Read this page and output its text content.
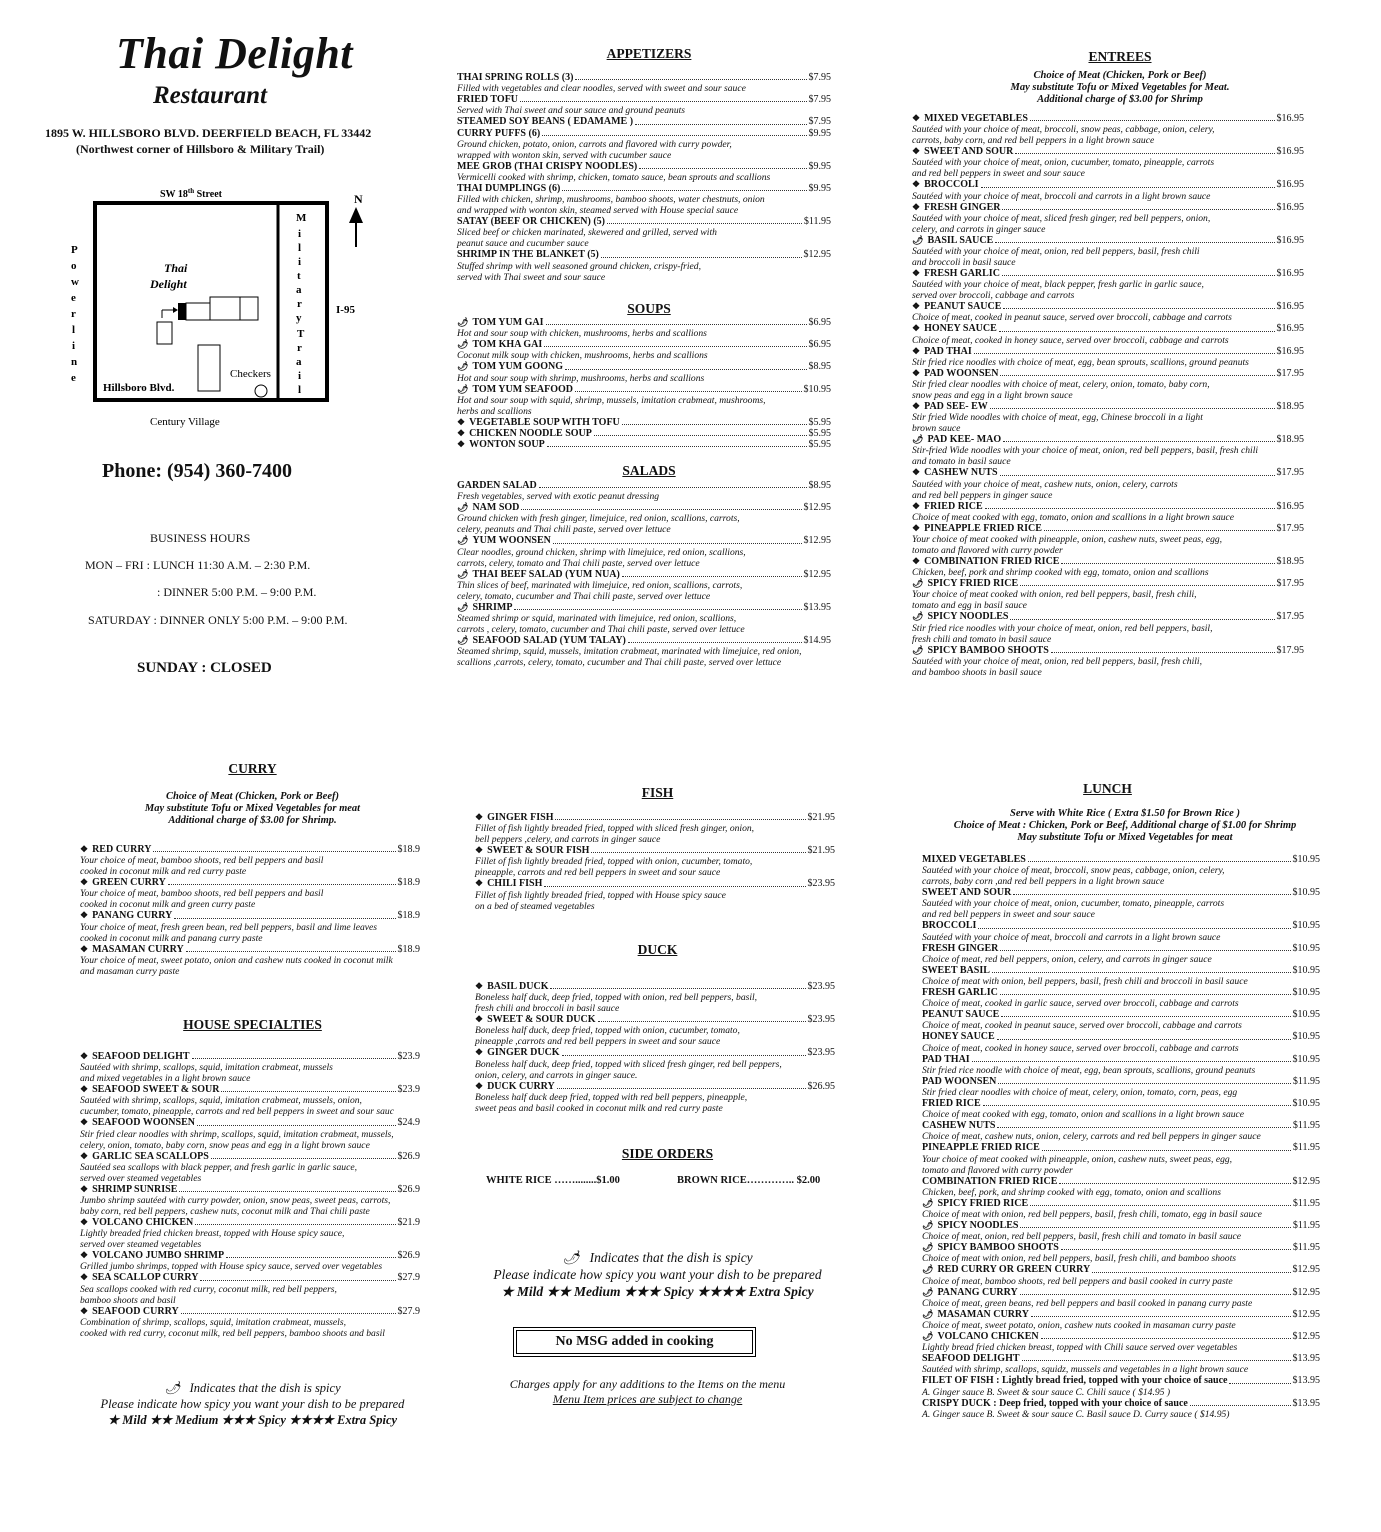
Thai Delight
Restaurant
1895 W. HILLSBORO BLVD. DEERFIELD BEACH, FL 33442
(Northwest corner of Hillsboro & Military Trail)
SW 18th Street	N
I-95
P
o
w
e
r
l
i
n
e
M
i
l
i
t
a
r
y
T
r
a
i
l
Thai
Delight
Checkers
Hillsboro Blvd.
Century Village
Phone: (954) 360-7400
BUSINESS HOURS
MON – FRI : LUNCH 11:30 A.M. – 2:30 P.M.
: DINNER 5:00 P.M. – 9:00 P.M.
SATURDAY : DINNER ONLY 5:00 P.M. – 9:00 P.M.
SUNDAY : CLOSED
APPETIZERS
THAI SPRING ROLLS (3)	$7.95
Filled with vegetables and clear noodles, served with sweet and sour sauce
FRIED TOFU	$7.95
Served with Thai sweet and sour sauce and ground peanuts
STEAMED SOY BEANS ( EDAMAME )	$7.95
CURRY PUFFS (6)	$9.95
Ground chicken, potato, onion, carrots and flavored with curry powder,
wrapped with wonton skin, served with cucumber sauce
MEE GROB (THAI CRISPY NOODLES)	$9.95
Vermicelli cooked with shrimp, chicken, tomato sauce, bean sprouts and scallions
THAI DUMPLINGS (6)	$9.95
Filled with chicken, shrimp, mushrooms, bamboo shoots, water chestnuts, onion
and wrapped with wonton skin, steamed served with House special sauce
SATAY (BEEF OR CHICKEN) (5)	$11.95
Sliced beef or chicken marinated, skewered and grilled, served with
peanut sauce and cucumber sauce
SHRIMP IN THE BLANKET (5)	$12.95
Stuffed shrimp with well seasoned ground chicken, crispy-fried,
served with Thai sweet and sour sauce
SOUPS
🌶 TOM YUM GAI	$6.95
Hot and sour soup with chicken, mushrooms, herbs and scallions
🌶 TOM KHA GAI	$6.95
Coconut milk soup with chicken, mushrooms, herbs and scallions
🌶 TOM YUM GOONG	$8.95
Hot and sour soup with shrimp, mushrooms, herbs and scallions
🌶 TOM YUM SEAFOOD	$10.95
Hot and sour soup with squid, shrimp, mussels, imitation crabmeat, mushrooms,
herbs and scallions
❖ VEGETABLE SOUP WITH TOFU	$5.95
❖ CHICKEN NOODLE SOUP	$5.95
❖ WONTON SOUP	$5.95
SALADS
GARDEN SALAD	$8.95
Fresh vegetables, served with exotic peanut dressing
🌶 NAM SOD	$12.95
Ground chicken with fresh ginger, limejuice, red onion, scallions, carrots,
celery, peanuts and Thai chili paste, served over lettuce
🌶 YUM WOONSEN	$12.95
Clear noodles, ground chicken, shrimp with limejuice, red onion, scallions,
carrots, celery, tomato and Thai chili paste, served over lettuce
🌶 THAI BEEF SALAD (YUM NUA)	$12.95
Thin slices of beef, marinated with limejuice, red onion, scallions, carrots,
celery, tomato, cucumber and Thai chili paste, served over lettuce
🌶 SHRIMP	$13.95
Steamed shrimp or squid, marinated with limejuice, red onion, scallions,
carrots , celery, tomato, cucumber and Thai chili paste, served over lettuce
🌶 SEAFOOD SALAD (YUM TALAY)	$14.95
Steamed shrimp, squid, mussels, imitation crabmeat, marinated with limejuice, red onion,
scallions ,carrots, celery, tomato, cucumber and Thai chili paste, served over lettuce
ENTREES
Choice of Meat (Chicken, Pork or Beef)
May substitute Tofu or Mixed Vegetables for Meat.
Additional charge of $3.00 for Shrimp
❖ MIXED VEGETABLES	$16.95
Sautéed with your choice of meat, broccoli, snow peas, cabbage, onion, celery,
carrots, baby corn, and red bell peppers in a light brown sauce
❖ SWEET AND SOUR	$16.95
Sautéed with your choice of meat, onion, cucumber, tomato, pineapple, carrots
and red bell peppers in sweet and sour sauce
❖ BROCCOLI	$16.95
Sautéed with your choice of meat, broccoli and carrots in a light brown sauce
❖ FRESH GINGER	$16.95
Sautéed with your choice of meat, sliced fresh ginger, red bell peppers, onion,
celery, and carrots in ginger sauce
🌶 BASIL SAUCE	$16.95
Sautéed with your choice of meat, onion, red bell peppers, basil, fresh chili
and broccoli in basil sauce
❖ FRESH GARLIC	$16.95
Sautéed with your choice of meat, black pepper, fresh garlic in garlic sauce,
served over broccoli, cabbage and carrots
❖ PEANUT SAUCE	$16.95
Choice of meat, cooked in peanut sauce, served over broccoli, cabbage and carrots
❖ HONEY SAUCE	$16.95
Choice of meat, cooked in honey sauce, served over broccoli, cabbage and carrots
❖ PAD THAI	$16.95
Stir fried rice noodles with choice of meat, egg, bean sprouts, scallions, ground peanuts
❖ PAD WOONSEN	$17.95
Stir fried clear noodles with choice of meat, celery, onion, tomato, baby corn,
snow peas and egg in a light brown sauce
❖ PAD SEE- EW	$18.95
Stir fried Wide noodles with choice of meat, egg, Chinese broccoli in a light
brown sauce
🌶 PAD KEE- MAO	$18.95
Stir-fried Wide noodles with your choice of meat, onion, red bell peppers, basil, fresh chili
and tomato in basil sauce
❖ CASHEW NUTS	$17.95
Sautéed with your choice of meat, cashew nuts, onion, celery, carrots
and red bell peppers in ginger sauce
❖ FRIED RICE	$16.95
Choice of meat cooked with egg, tomato, onion and scallions in a light brown sauce
❖ PINEAPPLE FRIED RICE	$17.95
Your choice of meat cooked with pineapple, onion, cashew nuts, sweet peas, egg,
tomato and flavored with curry powder
❖ COMBINATION FRIED RICE	$18.95
Chicken, beef, pork and shrimp cooked with egg, tomato, onion and scallions
🌶 SPICY FRIED RICE	$17.95
Your choice of meat cooked with onion, red bell peppers, basil, fresh chili,
tomato and egg in basil sauce
🌶 SPICY NOODLES	$17.95
Stir fried rice noodles with your choice of meat, onion, red bell peppers, basil,
fresh chili and tomato in basil sauce
🌶 SPICY BAMBOO SHOOTS	$17.95
Sautéed with your choice of meat, onion, red bell peppers, basil, fresh chili,
and bamboo shoots in basil sauce
CURRY
Choice of Meat (Chicken, Pork or Beef)
May substitute Tofu or Mixed Vegetables for meat
Additional charge of $3.00 for Shrimp.
❖ RED CURRY	$18.9
Your choice of meat, bamboo shoots, red bell peppers and basil
cooked in coconut milk and red curry paste
❖ GREEN CURRY	$18.9
Your choice of meat, bamboo shoots, red bell peppers and basil
cooked in coconut milk and green curry paste
❖ PANANG CURRY	$18.9
Your choice of meat, fresh green bean, red bell peppers, basil and lime leaves
cooked in coconut milk and panang curry paste
❖ MASAMAN CURRY	$18.9
Your choice of meat, sweet potato, onion and cashew nuts cooked in coconut milk
and masaman curry paste
HOUSE SPECIALTIES
❖ SEAFOOD DELIGHT	$23.9
Sautéed with shrimp, scallops, squid, imitation crabmeat, mussels
and mixed vegetables in a light brown sauce
❖ SEAFOOD SWEET & SOUR	$23.9
Sautéed with shrimp, scallops, squid, imitation crabmeat, mussels, onion,
cucumber, tomato, pineapple, carrots and red bell peppers in sweet and sour sauc
❖ SEAFOOD WOONSEN	$24.9
Stir fried clear noodles with shrimp, scallops, squid, imitation crabmeat, mussels,
celery, onion, tomato, baby corn, snow peas and egg in a light brown sauce
❖ GARLIC SEA SCALLOPS	$26.9
Sautéed sea scallops with black pepper, and fresh garlic in garlic sauce,
served over steamed vegetables
❖ SHRIMP SUNRISE	$26.9
Jumbo shrimp sautéed with curry powder, onion, snow peas, sweet peas, carrots,
baby corn, red bell peppers, cashew nuts, coconut milk and Thai chili paste
❖ VOLCANO CHICKEN	$21.9
Lightly breaded fried chicken breast, topped with House spicy sauce,
served over steamed vegetables
❖ VOLCANO JUMBO SHRIMP	$26.9
Grilled jumbo shrimps, topped with House spicy sauce, served over vegetables
❖ SEA SCALLOP CURRY	$27.9
Sea scallops cooked with red curry, coconut milk, red bell peppers,
bamboo shoots and basil
❖ SEAFOOD CURRY	$27.9
Combination of shrimp, scallops, squid, imitation crabmeat, mussels,
cooked with red curry, coconut milk, red bell peppers, bamboo shoots and basil
🌶 Indicates that the dish is spicy
Please indicate how spicy you want your dish to be prepared
★ Mild ★★ Medium ★★★ Spicy ★★★★ Extra Spicy
FISH
❖ GINGER FISH	$21.95
Fillet of fish lightly breaded fried, topped with sliced fresh ginger, onion,
bell peppers ,celery, and carrots in ginger sauce
❖ SWEET & SOUR FISH	$21.95
Fillet of fish lightly breaded fried, topped with onion, cucumber, tomato,
pineapple, carrots and red bell peppers in sweet and sour sauce
❖ CHILI FISH	$23.95
Fillet of fish lightly breaded fried, topped with House spicy sauce
on a bed of steamed vegetables
DUCK
❖ BASIL DUCK	$23.95
Boneless half duck, deep fried, topped with onion, red bell peppers, basil,
fresh chili and broccoli in basil sauce
❖ SWEET & SOUR DUCK	$23.95
Boneless half duck, deep fried, topped with onion, cucumber, tomato,
pineapple ,carrots and red bell peppers in sweet and sour sauce
❖ GINGER DUCK	$23.95
Boneless half duck, deep fried, topped with sliced fresh ginger, red bell peppers,
onion, celery, and carrots in ginger sauce.
❖ DUCK CURRY	$26.95
Boneless half duck deep fried, topped with red bell peppers, pineapple,
sweet peas and basil cooked in coconut milk and red curry paste
SIDE ORDERS
WHITE RICE ……........$1.00	BROWN RICE………….. $2.00
🌶 Indicates that the dish is spicy
Please indicate how spicy you want your dish to be prepared
★ Mild ★★ Medium ★★★ Spicy ★★★★ Extra Spicy
No MSG added in cooking
Charges apply for any additions to the Items on the menu
Menu Item prices are subject to change
LUNCH
Serve with White Rice ( Extra $1.50 for Brown Rice )
Choice of Meat : Chicken, Pork or Beef, Additional charge of $1.00 for Shrimp
May substitute Tofu or Mixed Vegetables for meat
MIXED VEGETABLES	$10.95
Sautéed with your choice of meat, broccoli, snow peas, cabbage, onion, celery,
carrots, baby corn ,and red bell peppers in a light brown sauce
SWEET AND SOUR	$10.95
Sautéed with your choice of meat, onion, cucumber, tomato, pineapple, carrots
and red bell peppers in sweet and sour sauce
BROCCOLI	$10.95
Sautéed with your choice of meat, broccoli and carrots in a light brown sauce
FRESH GINGER	$10.95
Choice of meat, red bell peppers, onion, celery, and carrots in ginger sauce
SWEET BASIL	$10.95
Choice of meat with onion, bell peppers, basil, fresh chili and broccoli in basil sauce
FRESH GARLIC	$10.95
Choice of meat, cooked in garlic sauce, served over broccoli, cabbage and carrots
PEANUT SAUCE	$10.95
Choice of meat, cooked in peanut sauce, served over broccoli, cabbage and carrots
HONEY SAUCE	$10.95
Choice of meat, cooked in honey sauce, served over broccoli, cabbage and carrots
PAD THAI	$10.95
Stir fried rice noodle with choice of meat, egg, bean sprouts, scallions, ground peanuts
PAD WOONSEN	$11.95
Stir fried clear noodles with choice of meat, celery, onion, tomato, corn, peas, egg
FRIED RICE	$10.95
Choice of meat cooked with egg, tomato, onion and scallions in a light brown sauce
CASHEW NUTS	$11.95
Choice of meat, cashew nuts, onion, celery, carrots and red bell peppers in ginger sauce
PINEAPPLE FRIED RICE	$11.95
Your choice of meat cooked with pineapple, onion, cashew nuts, sweet peas, egg,
tomato and flavored with curry powder
COMBINATION FRIED RICE	$12.95
Chicken, beef, pork, and shrimp cooked with egg, tomato, onion and scallions
🌶 SPICY FRIED RICE	$11.95
Choice of meat with onion, red bell peppers, basil, fresh chili, tomato, egg in basil sauce
🌶 SPICY NOODLES	$11.95
Choice of meat, onion, red bell peppers, basil, fresh chili and tomato in basil sauce
🌶 SPICY BAMBOO SHOOTS	$11.95
Choice of meat with onion, red bell peppers, basil, fresh chili, and bamboo shoots
🌶 RED CURRY OR GREEN CURRY	$12.95
Choice of meat, bamboo shoots, red bell peppers and basil cooked in curry paste
🌶 PANANG CURRY	$12.95
Choice of meat, green beans, red bell peppers and basil cooked in panang curry paste
🌶 MASAMAN CURRY	$12.95
Choice of meat, sweet potato, onion, cashew nuts cooked in masaman curry paste
🌶 VOLCANO CHICKEN	$12.95
Lightly bread fried chicken breast, topped with Chili sauce served over vegetables
SEAFOOD DELIGHT	$13.95
Sautéed with shrimp, scallops, squidz, mussels and vegetables in a light brown sauce
FILET OF FISH : Lightly bread fried, topped with your choice of sauce	$13.95
A. Ginger sauce B. Sweet & sour sauce C. Chili sauce ( $14.95 )
CRISPY DUCK : Deep fried, topped with your choice of sauce	$13.95
A. Ginger sauce B. Sweet & sour sauce C. Basil sauce D. Curry sauce ( $14.95)
